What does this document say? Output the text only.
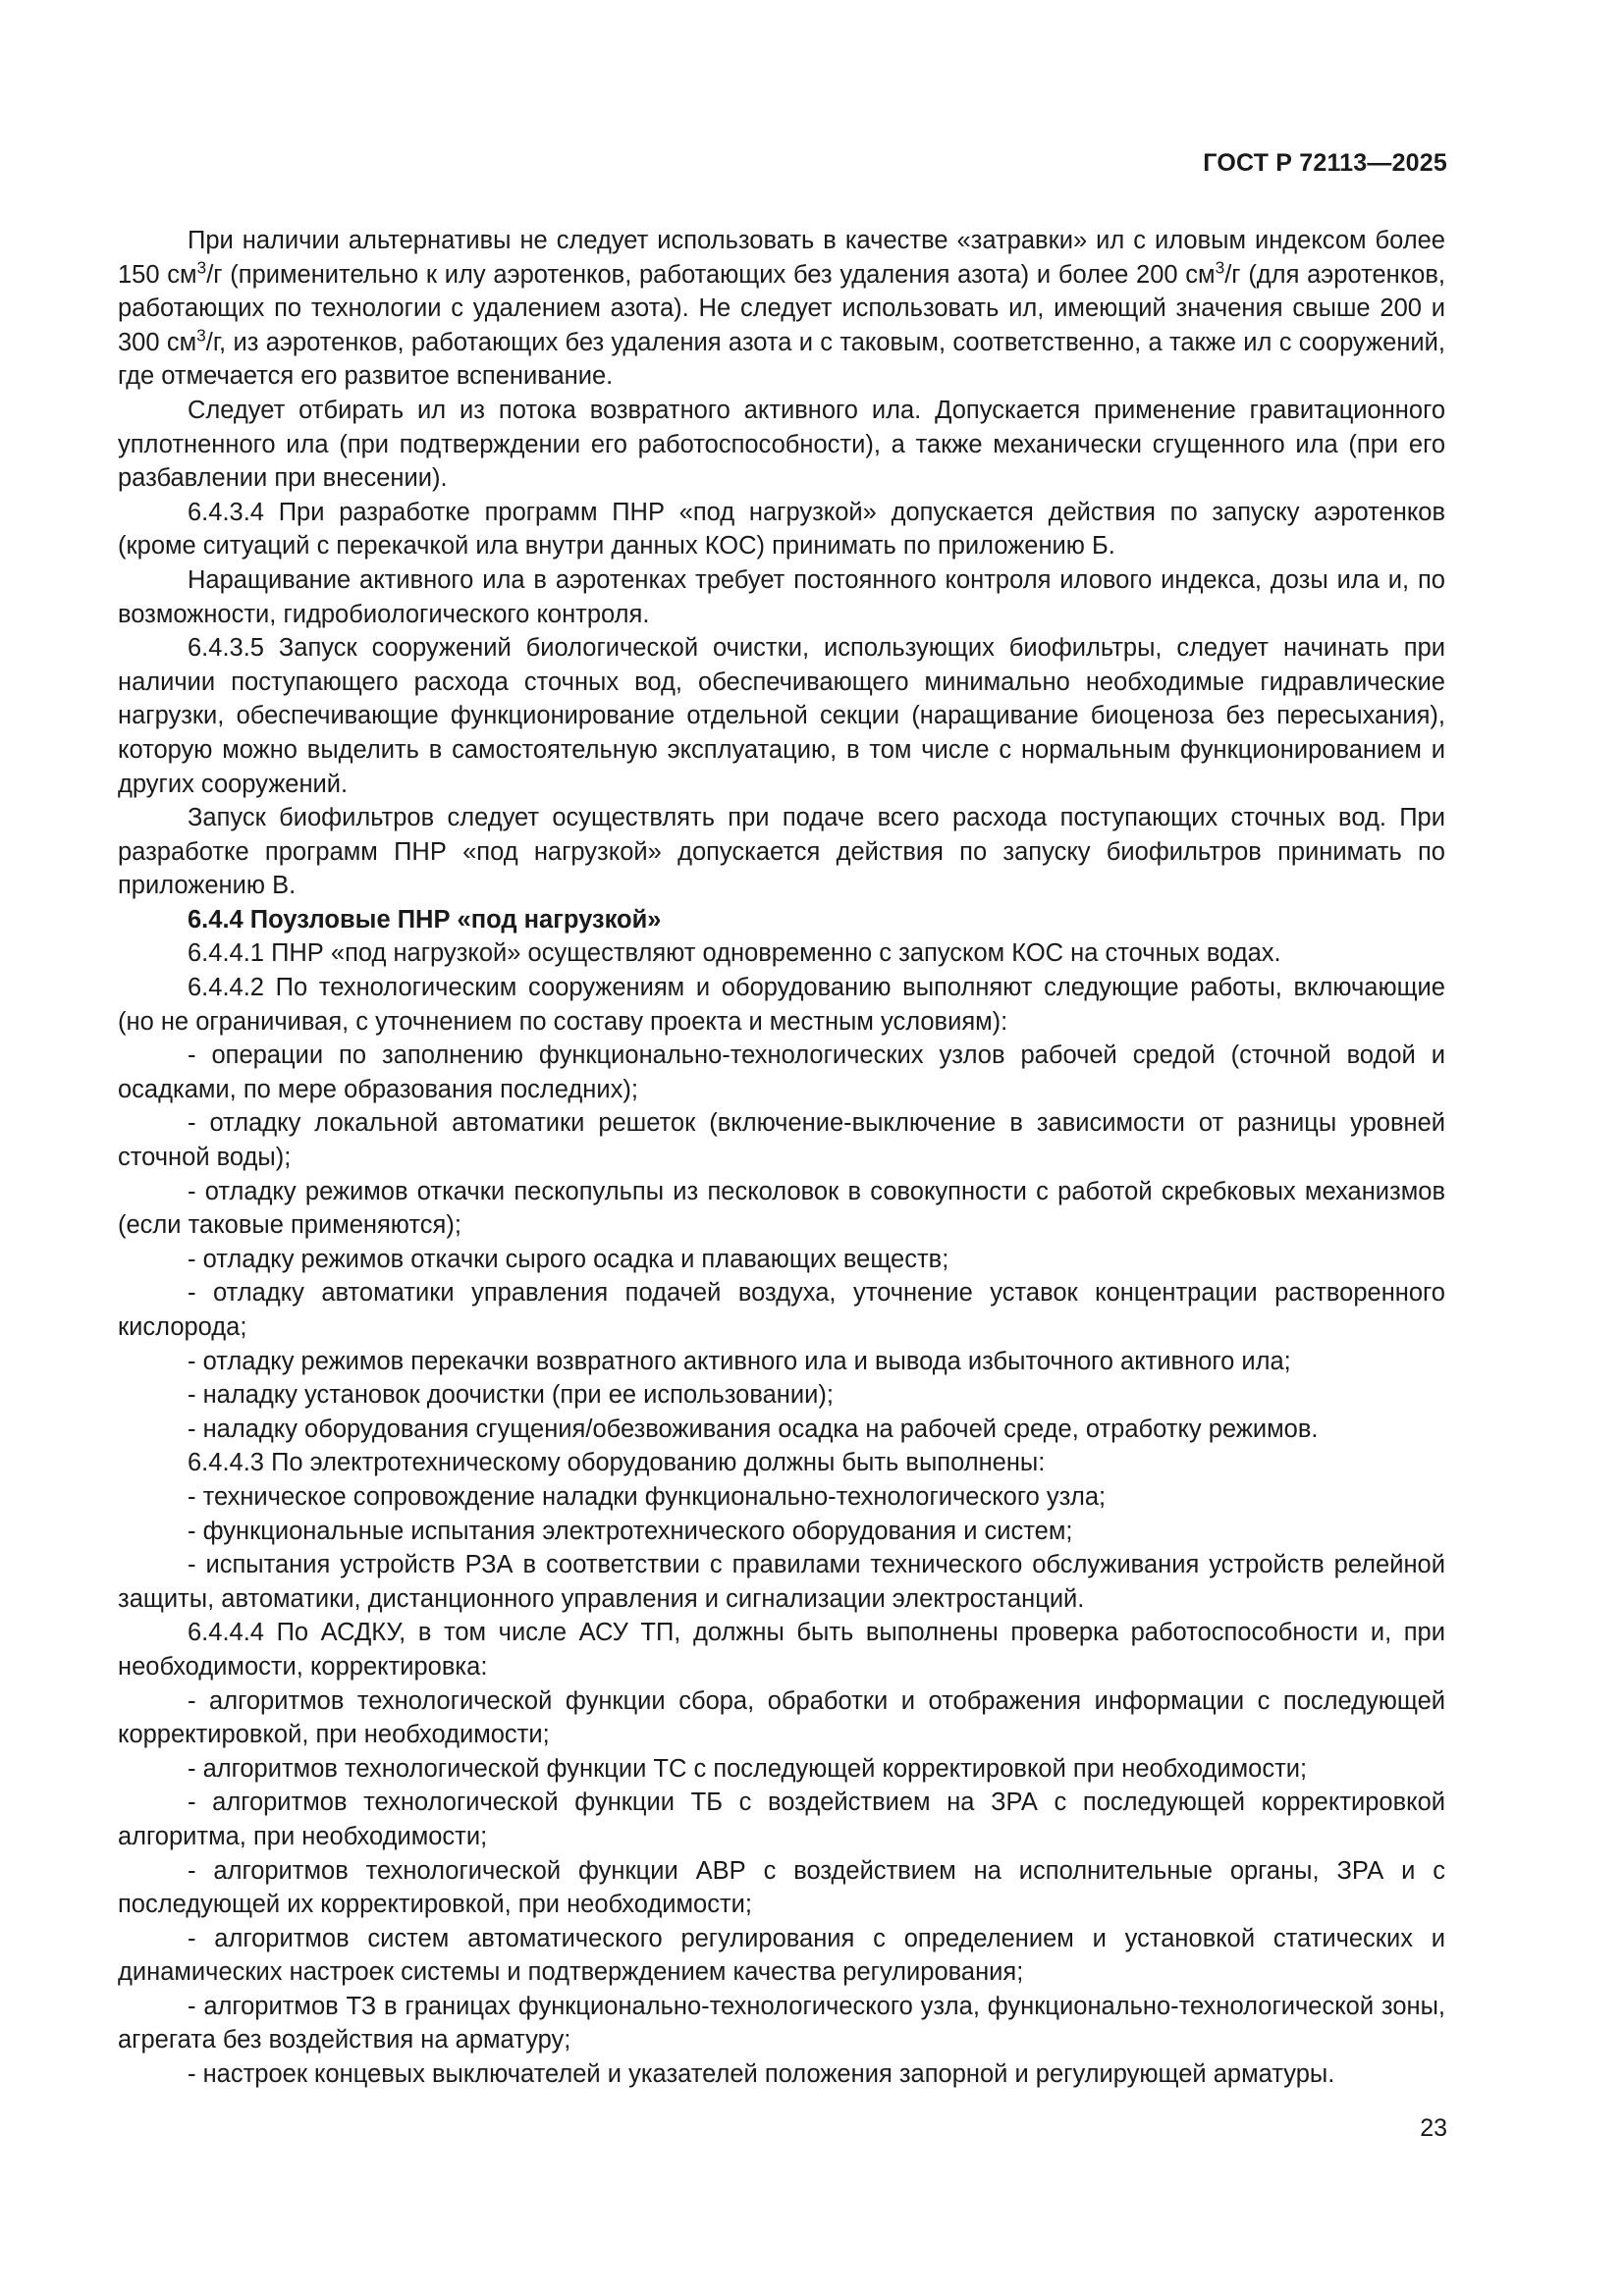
ГОСТ Р 72113—2025

При наличии альтернативы не следует использовать в качестве «затравки» ил с иловым индексом более 150 $см^3/г$ (применительно к илу аэротенков, работающих без удаления азота) и более 200 $см^3/г$ (для аэротенков, работающих по технологии с удалением азота). Не следует использовать ил, имеющий значения свыше 200 и 300 $см^3/г$, из аэротенков, работающих без удаления азота и с таковым, соответственно, а также ил с сооружений, где отмечается его развитое вспенивание.

Следует отбирать ил из потока возвратного активного ила. Допускается применение гравитационного уплотненного ила (при подтверждении его работоспособности), а также механически сгущенного ила (при его разбавлении при внесении).

6.4.3.4 При разработке программ ПНР «под нагрузкой» допускается действия по запуску аэротенков (кроме ситуаций с перекачкой ила внутри данных КОС) принимать по приложению Б.

Наращивание активного ила в аэротенках требует постоянного контроля илового индекса, дозы ила и, по возможности, гидробиологического контроля.

6.4.3.5 Запуск сооружений биологической очистки, использующих биофильтры, следует начинать при наличии поступающего расхода сточных вод, обеспечивающего минимально необходимые гидравлические нагрузки, обеспечивающие функционирование отдельной секции (наращивание биоценоза без пересыхания), которую можно выделить в самостоятельную эксплуатацию, в том числе с нормальным функционированием и других сооружений.

Запуск биофильтров следует осуществлять при подаче всего расхода поступающих сточных вод. При разработке программ ПНР «под нагрузкой» допускается действия по запуску биофильтров принимать по приложению В.

6.4.4 Поузловые ПНР «под нагрузкой»

6.4.4.1 ПНР «под нагрузкой» осуществляют одновременно с запуском КОС на сточных водах.

6.4.4.2 По технологическим сооружениям и оборудованию выполняют следующие работы, включающие (но не ограничивая, с уточнением по составу проекта и местным условиям):

- операции по заполнению функционально-технологических узлов рабочей средой (сточной водой и осадками, по мере образования последних);

- отладку локальной автоматики решеток (включение-выключение в зависимости от разницы уровней сточной воды);

- отладку режимов откачки пескопульпы из песколовок в совокупности с работой скребковых механизмов (если таковые применяются);

- отладку режимов откачки сырого осадка и плавающих веществ;

- отладку автоматики управления подачей воздуха, уточнение уставок концентрации растворенного кислорода;

- отладку режимов перекачки возвратного активного ила и вывода избыточного активного ила;

- наладку установок доочистки (при ее использовании);

- наладку оборудования сгущения/обезвоживания осадка на рабочей среде, отработку режимов.

6.4.4.3 По электротехническому оборудованию должны быть выполнены:

- техническое сопровождение наладки функционально-технологического узла;

- функциональные испытания электротехнического оборудования и систем;

- испытания устройств РЗА в соответствии с правилами технического обслуживания устройств релейной защиты, автоматики, дистанционного управления и сигнализации электростанций.

6.4.4.4 По АСДКУ, в том числе АСУ ТП, должны быть выполнены проверка работоспособности и, при необходимости, корректировка:

- алгоритмов технологической функции сбора, обработки и отображения информации с последующей корректировкой, при необходимости;

- алгоритмов технологической функции ТС с последующей корректировкой при необходимости;

- алгоритмов технологической функции ТБ с воздействием на ЗРА с последующей корректировкой алгоритма, при необходимости;

- алгоритмов технологической функции АВР с воздействием на исполнительные органы, ЗРА и с последующей их корректировкой, при необходимости;

- алгоритмов систем автоматического регулирования с определением и установкой статических и динамических настроек системы и подтверждением качества регулирования;

- алгоритмов ТЗ в границах функционально-технологического узла, функционально-технологической зоны, агрегата без воздействия на арматуру;

- настроек концевых выключателей и указателей положения запорной и регулирующей арматуры.

23
